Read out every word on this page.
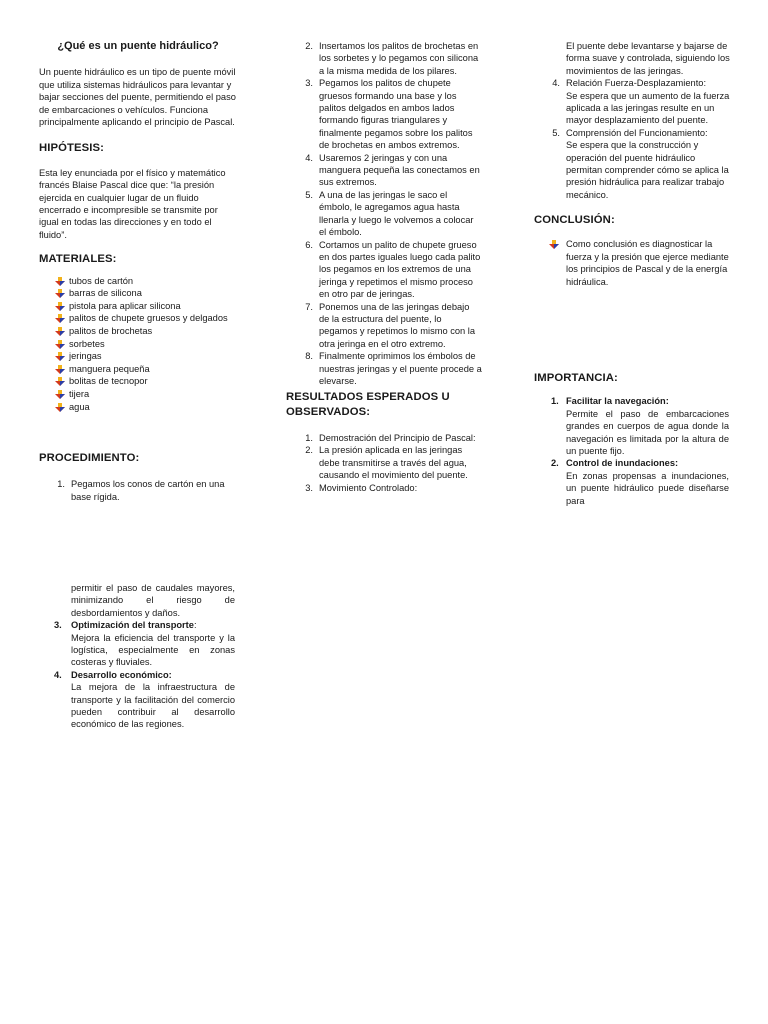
¿Qué es un puente hidráulico?

Un puente hidráulico es un tipo de puente móvil que utiliza sistemas hidráulicos para levantar y bajar secciones del puente, permitiendo el paso de embarcaciones o vehículos. Funciona principalmente aplicando el principio de Pascal.

HIPÓTESIS:

Esta ley enunciada por el físico y matemático francés Blaise Pascal dice que: “la presión ejercida en cualquier lugar de un fluido encerrado e incompresible se transmite por igual en todas las direcciones y en todo el fluido”.

MATERIALES:

tubos de cartón
barras de silicona
pistola para aplicar silicona
palitos de chupete gruesos y delgados
palitos de brochetas
sorbetes
jeringas
manguera pequeña
bolitas de tecnopor
tijera
agua

PROCEDIMIENTO:

1. Pegamos los conos de cartón en una base rígida.

permitir el paso de caudales mayores, minimizando el riesgo de desbordamientos y daños.

3. Optimización del transporte:

Mejora la eficiencia del transporte y la logística, especialmente en zonas costeras y fluviales.

4. Desarrollo económico:

La mejora de la infraestructura de transporte y la facilitación del comercio pueden contribuir al desarrollo económico de las regiones.

2. Insertamos los palitos de brochetas en los sorbetes y lo pegamos con silicona a la misma medida de los pilares.
3. Pegamos los palitos de chupete gruesos formando una base y los palitos delgados en ambos lados formando figuras triangulares y finalmente pegamos sobre los palitos de brochetas en ambos extremos.
4. Usaremos 2 jeringas y con una manguera pequeña las conectamos en sus extremos.
5. A una de las jeringas le saco el émbolo, le agregamos agua hasta llenarla y luego le volvemos a colocar el émbolo.
6. Cortamos un palito de chupete grueso en dos partes iguales luego cada palito los pegamos en los extremos de una jeringa y repetimos el mismo proceso en otro par de jeringas.
7. Ponemos una de las jeringas debajo de la estructura del puente, lo pegamos y repetimos lo mismo con la otra jeringa en el otro extremo.
8. Finalmente oprimimos los émbolos de nuestras jeringas y el puente procede a elevarse.

RESULTADOS ESPERADOS U OBSERVADOS:

1. Demostración del Principio de Pascal:
2. La presión aplicada en las jeringas debe transmitirse a través del agua, causando el movimiento del puente.
3. Movimiento Controlado:

El puente debe levantarse y bajarse de forma suave y controlada, siguiendo los movimientos de las jeringas.

4. Relación Fuerza-Desplazamiento:

Se espera que un aumento de la fuerza aplicada a las jeringas resulte en un mayor desplazamiento del puente.

5. Comprensión del Funcionamiento:

Se espera que la construcción y operación del puente hidráulico permitan comprender cómo se aplica la presión hidráulica para realizar trabajo mecánico.

CONCLUSIÓN:

Como conclusión es diagnosticar la fuerza y la presión que ejerce mediante los principios de Pascal y de la energía hidráulica.

IMPORTANCIA:

1. Facilitar la navegación:

Permite el paso de embarcaciones grandes en cuerpos de agua donde la navegación es limitada por la altura de un puente fijo.

2. Control de inundaciones:

En zonas propensas a inundaciones, un puente hidráulico puede diseñarse para
